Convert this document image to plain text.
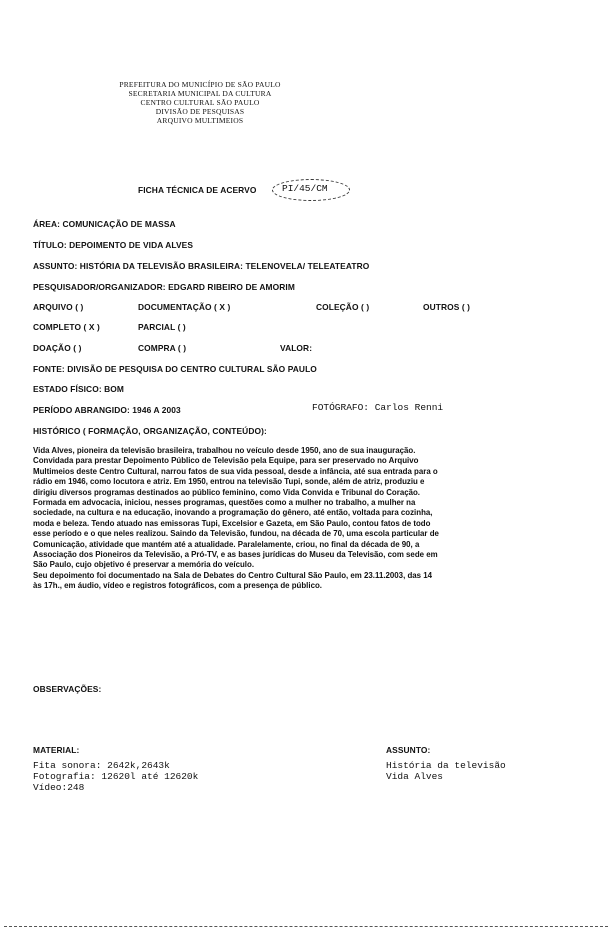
PREFEITURA DO MUNICÍPIO DE SÃO PAULO
SECRETARIA MUNICIPAL DA CULTURA
CENTRO CULTURAL SÃO PAULO
DIVISÃO DE PESQUISAS
ARQUIVO MULTIMEIOS
FICHA TÉCNICA DE ACERVO	PI/45/CM
ÁREA: COMUNICAÇÃO DE MASSA
TÍTULO: DEPOIMENTO DE VIDA ALVES
ASSUNTO: HISTÓRIA DA TELEVISÃO BRASILEIRA: TELENOVELA/ TELEATEATRO
PESQUISADOR/ORGANIZADOR: EDGARD RIBEIRO DE AMORIM
ARQUIVO ( )	DOCUMENTAÇÃO ( X )	COLEÇÃO ( )	OUTROS ( )
COMPLETO ( X )	PARCIAL ( )
DOAÇÃO ( )	COMPRA ( )	VALOR:
FONTE: DIVISÃO DE PESQUISA DO CENTRO CULTURAL SÃO PAULO
ESTADO FÍSICO: BOM
PERÍODO ABRANGIDO: 1946 A 2003	FOTÓGRAFO: Carlos Renni
HISTÓRICO ( FORMAÇÃO, ORGANIZAÇÃO, CONTEÚDO):

Vida Alves, pioneira da televisão brasileira, trabalhou no veículo desde 1950, ano de sua inauguração.

Convidada para prestar Depoimento Público de Televisão pela Equipe, para ser preservado no Arquivo

Multimeios deste Centro Cultural, narrou fatos de sua vida pessoal, desde a infância, até sua entrada para o

rádio em 1946, como locutora e atriz. Em 1950, entrou na televisão Tupi, sonde, além de atriz, produziu e

dirigiu diversos programas destinados ao público feminino, como Vida Convida e Tribunal do Coração.

Formada em advocacia, iniciou, nesses programas, questões como a mulher no trabalho, a mulher na

sociedade, na cultura e na educação, inovando a programação do gênero, até então, voltada para cozinha,

moda e beleza. Tendo atuado nas emissoras Tupi, Excelsior e Gazeta, em São Paulo, contou fatos de todo

esse período e o que neles realizou. Saindo da Televisão, fundou, na década de 70, uma escola particular de

Comunicação, atividade que mantém até a atualidade. Paralelamente, criou, no final da década de 90, a

Associação dos Pioneiros da Televisão, a Pró-TV, e as bases jurídicas do Museu da Televisão, com sede em

São Paulo, cujo objetivo é preservar a memória do veículo.

Seu depoimento foi documentado na Sala de Debates do Centro Cultural São Paulo, em 23.11.2003, das 14

às 17h., em áudio, vídeo e registros fotográficos, com a presença de público.

OBSERVAÇÕES:
MATERIAL:
Fita sonora: 2642k,2643k
Fotografia: 12620l até 12620k
Vídeo:248
ASSUNTO:
História da televisão
Vida Alves
